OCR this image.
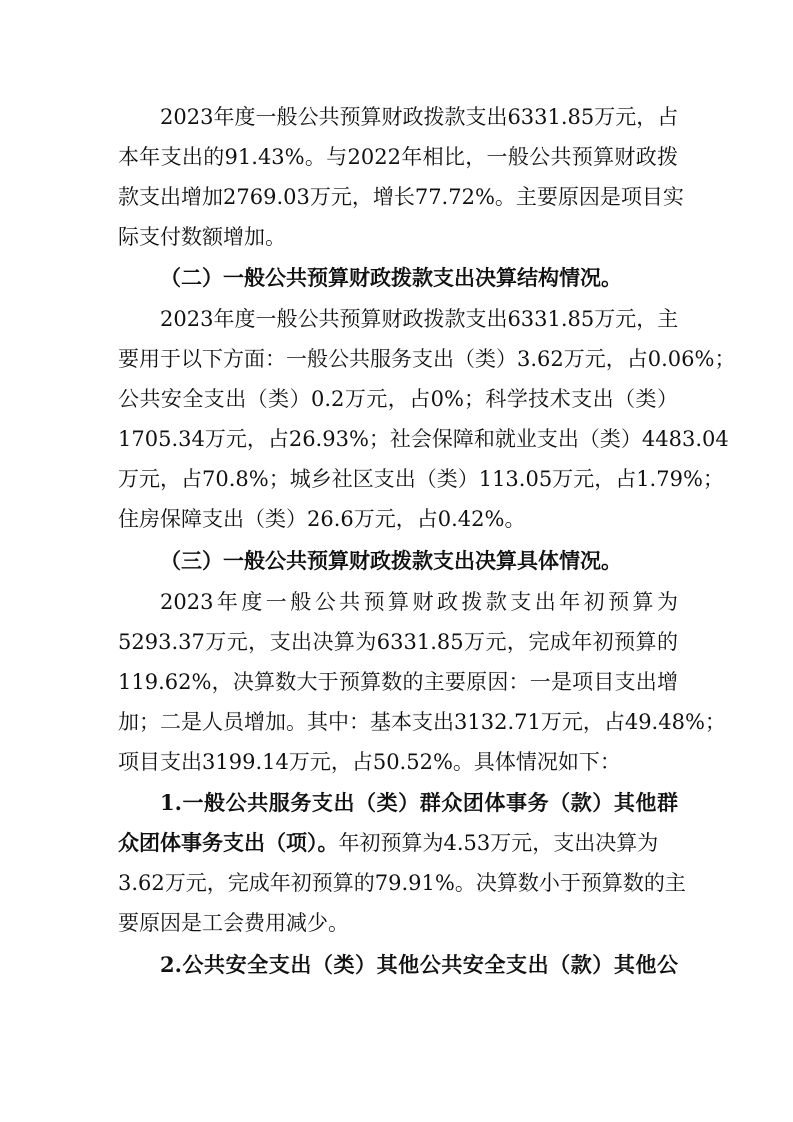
2023年度一般公共预算财政拨款支出6331.85万元，占

本年支出的91.43%。与2022年相比，一般公共预算财政拨

款支出增加2769.03万元，增长77.72%。主要原因是项目实

际支付数额增加。

（二）一般公共预算财政拨款支出决算结构情况。

2023年度一般公共预算财政拨款支出6331.85万元，主

要用于以下方面：一般公共服务支出（类）3.62万元，占0.06%；

公共安全支出（类）0.2万元，占0%；科学技术支出（类）

1705.34万元，占26.93%；社会保障和就业支出（类）4483.04

万元，占70.8%；城乡社区支出（类）113.05万元，占1.79%；

住房保障支出（类）26.6万元，占0.42%。

（三）一般公共预算财政拨款支出决算具体情况。

2023年度一般公共预算财政拨款支出年初预算为

5293.37万元，支出决算为6331.85万元，完成年初预算的

119.62%，决算数大于预算数的主要原因：一是项目支出增

加；二是人员增加。其中：基本支出3132.71万元，占49.48%；

项目支出3199.14万元，占50.52%。具体情况如下：

1.一般公共服务支出（类）群众团体事务（款）其他群

众团体事务支出（项）。年初预算为4.53万元，支出决算为

3.62万元，完成年初预算的79.91%。决算数小于预算数的主

要原因是工会费用减少。

2.公共安全支出（类）其他公共安全支出（款）其他公
